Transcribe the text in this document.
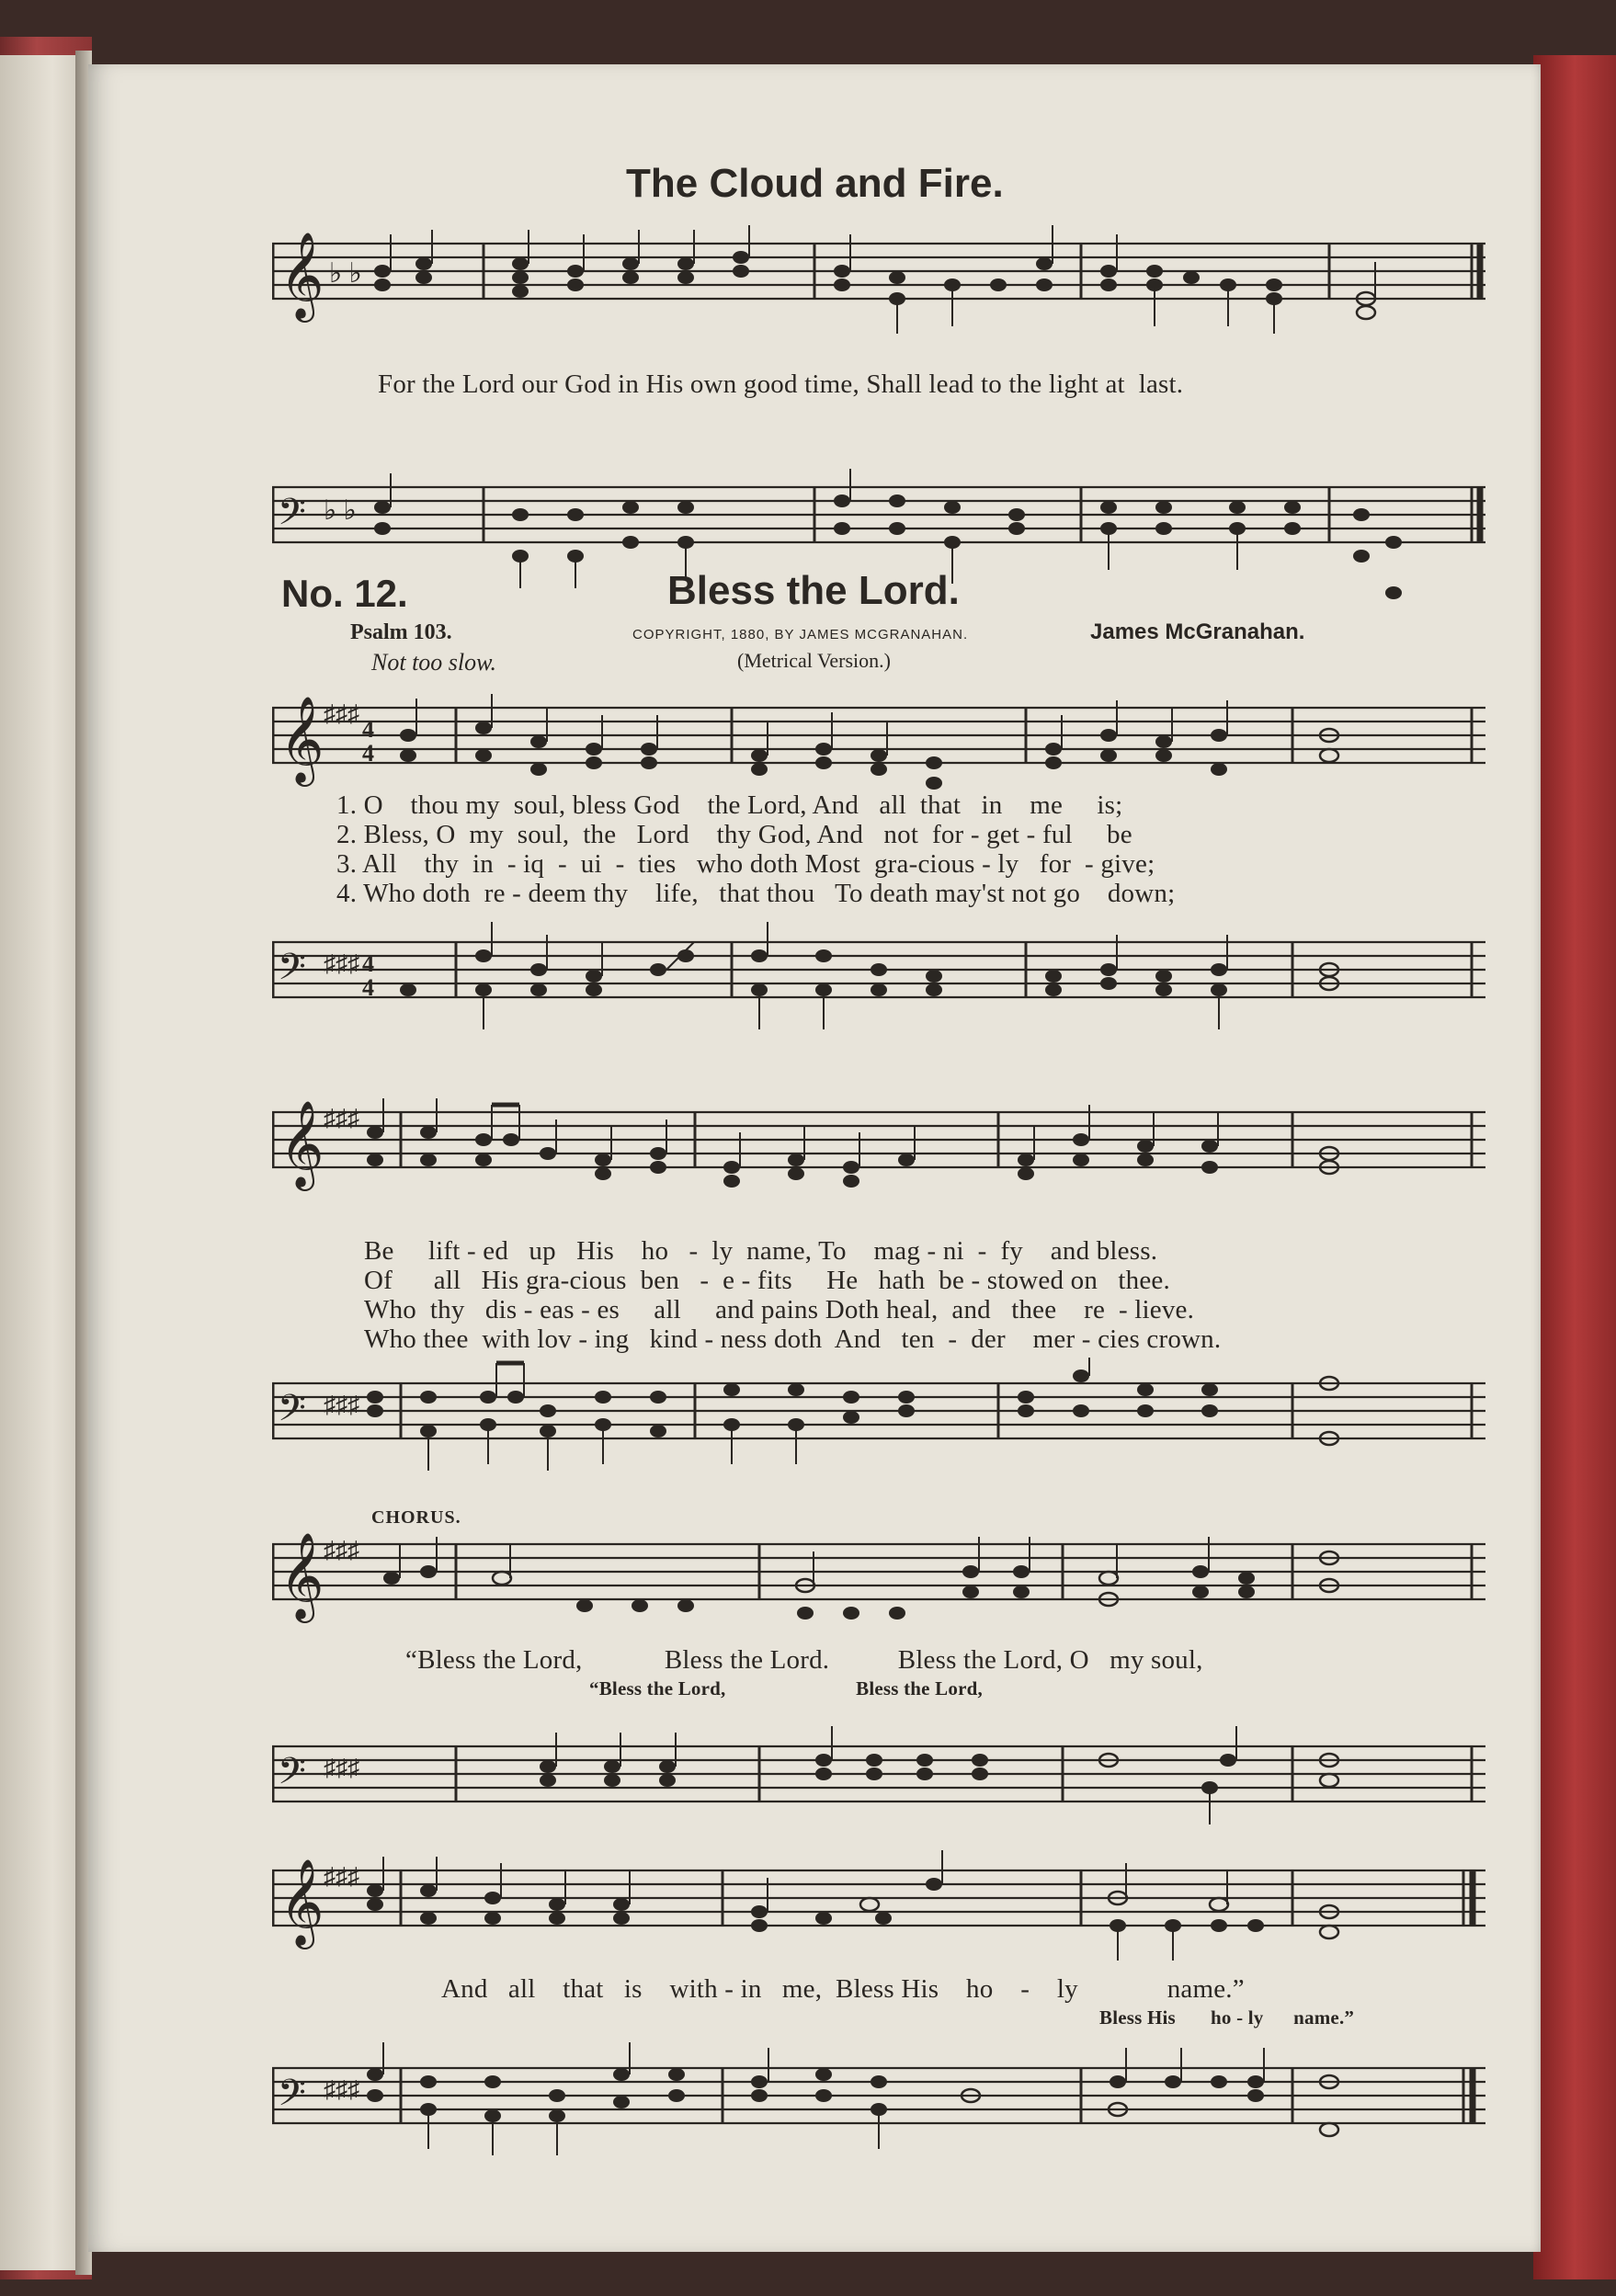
The Cloud and Fire.
𝄞 ♭ ♭
For the Lord our God in His own good time, Shall lead to the light at  last.
𝄢 ♭ ♭
No. 12.	Bless the Lord.
Psalm 103.	COPYRIGHT, 1880, BY JAMES MCGRANAHAN.	James McGranahan.
(Metrical Version.)
Not too slow.
𝄞 ♯♯♯
4
4
1. O    thou my  soul, bless God    the Lord, And   all  that   in    me     is;
2. Bless, O  my  soul,  the   Lord    thy God, And   not  for - get - ful     be
3. All    thy  in  - iq  -  ui  -  ties   who doth Most  gra-cious - ly   for  - give;
4. Who doth  re - deem thy    life,   that thou   To death may'st not go    down;
𝄢 ♯♯♯ 4
4
𝄞 ♯♯♯
Be     lift - ed   up   His    ho   -  ly  name, To    mag - ni  -  fy    and bless.
Of      all   His gra-cious  ben   -  e - fits     He   hath  be - stowed on   thee.
Who  thy   dis - eas - es     all     and pains Doth heal,  and   thee    re  - lieve.
Who thee  with lov - ing   kind - ness doth  And   ten  -  der    mer - cies crown.
𝄢 ♯♯♯
CHORUS.
𝄞 ♯♯♯
“Bless the Lord,            Bless the Lord.          Bless the Lord, O   my soul,
“Bless the Lord,                          Bless the Lord,
𝄢 ♯♯♯
𝄞 ♯♯♯
And   all    that   is    with - in   me,  Bless His    ho    -    ly             name.”
Bless His       ho - ly      name.”
𝄢 ♯♯♯
